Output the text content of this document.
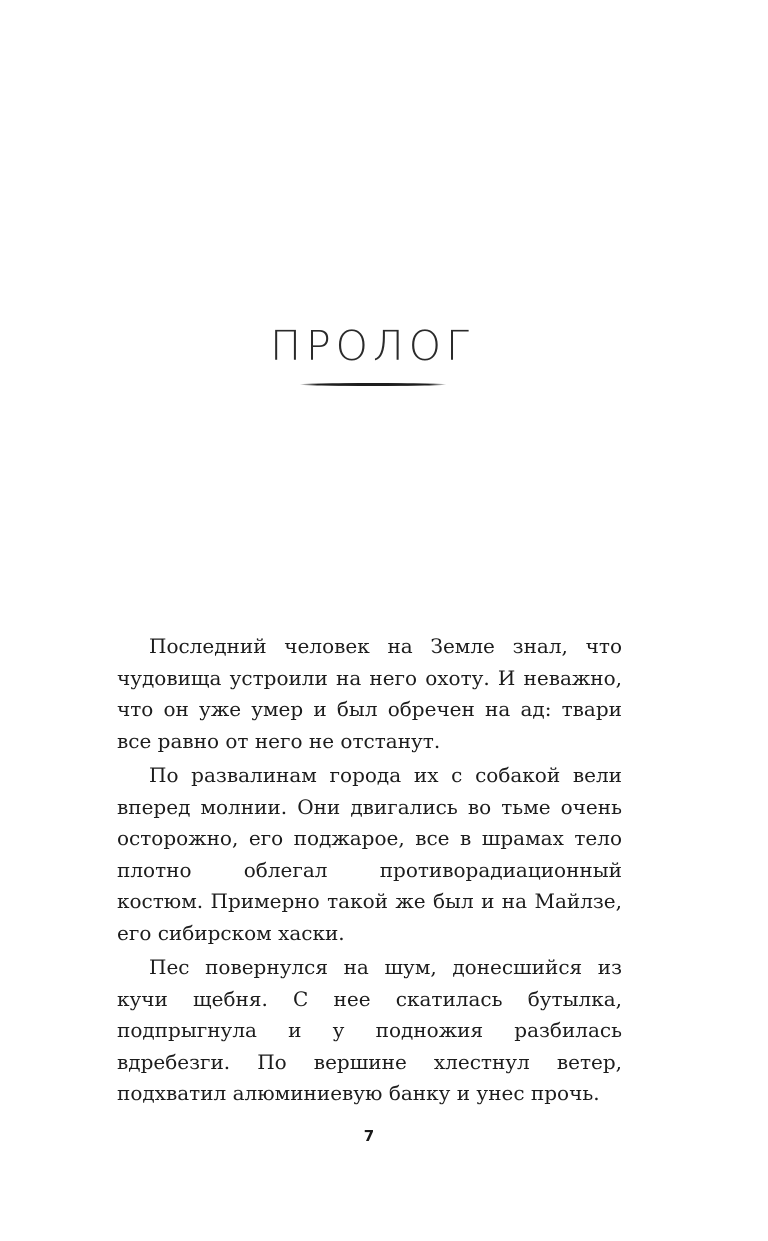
ПРОЛОГ

Последний человек на Земле знал, что чудовища устроили на него охоту. И неважно, что он уже умер и был обречен на ад: твари все равно от него не отстанут.

По развалинам города их с собакой вели вперед молнии. Они двигались во тьме очень осторожно, его поджарое, все в шрамах тело плотно облегал противорадиационный костюм. Примерно такой же был и на Майлзе, его сибирском хаски.

Пес повернулся на шум, донесшийся из кучи щебня. С нее скатилась бутылка, подпрыгнула и у подножия разбилась вдребезги. По вершине хлестнул ветер, подхватил алюминиевую банку и унес прочь.

7
